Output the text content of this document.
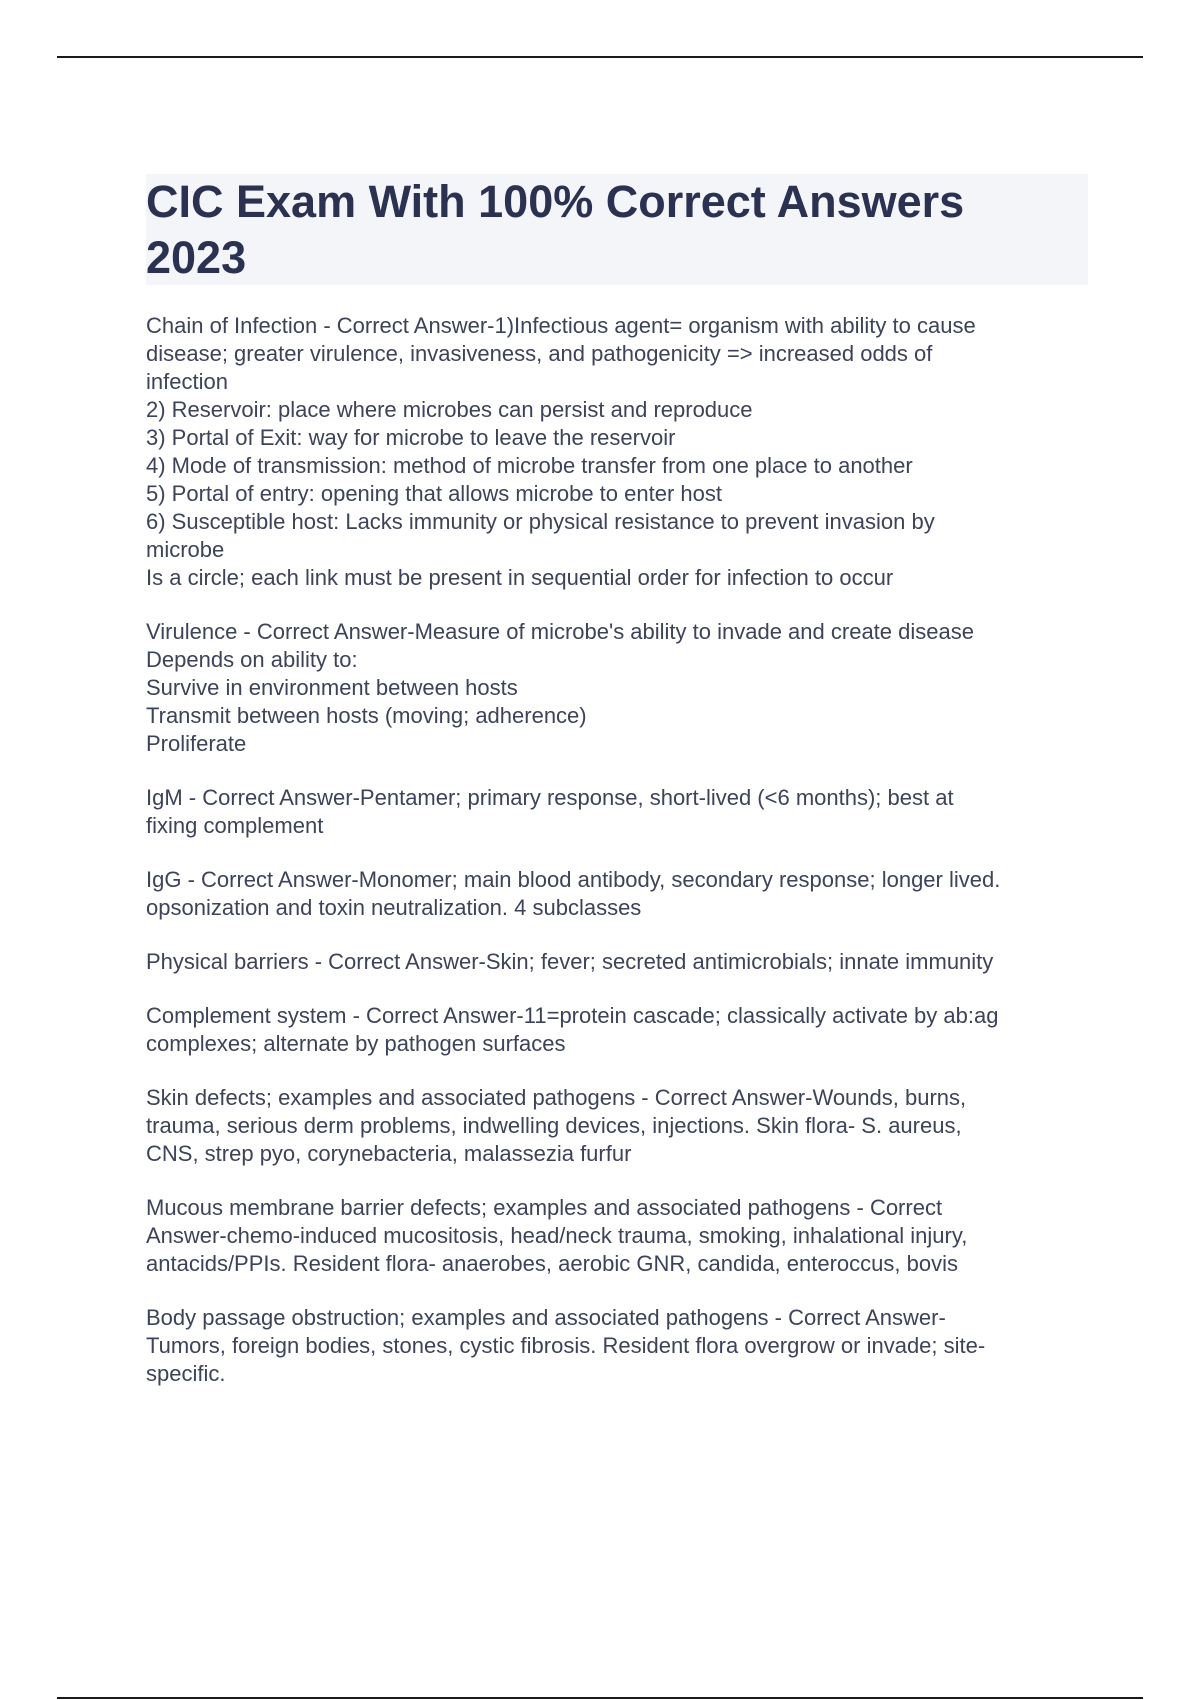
CIC Exam With 100% Correct Answers
2023
Chain of Infection - Correct Answer-1)Infectious agent= organism with ability to cause
disease; greater virulence, invasiveness, and pathogenicity => increased odds of
infection
2) Reservoir: place where microbes can persist and reproduce
3) Portal of Exit: way for microbe to leave the reservoir
4) Mode of transmission: method of microbe transfer from one place to another
5) Portal of entry: opening that allows microbe to enter host
6) Susceptible host: Lacks immunity or physical resistance to prevent invasion by
microbe
Is a circle; each link must be present in sequential order for infection to occur
Virulence - Correct Answer-Measure of microbe's ability to invade and create disease
Depends on ability to:
Survive in environment between hosts
Transmit between hosts (moving; adherence)
Proliferate
IgM - Correct Answer-Pentamer; primary response, short-lived (<6 months); best at
fixing complement
IgG - Correct Answer-Monomer; main blood antibody, secondary response; longer lived.
opsonization and toxin neutralization. 4 subclasses
Physical barriers - Correct Answer-Skin; fever; secreted antimicrobials; innate immunity
Complement system - Correct Answer-11=protein cascade; classically activate by ab:ag
complexes; alternate by pathogen surfaces
Skin defects; examples and associated pathogens - Correct Answer-Wounds, burns,
trauma, serious derm problems, indwelling devices, injections. Skin flora- S. aureus,
CNS, strep pyo, corynebacteria, malassezia furfur
Mucous membrane barrier defects; examples and associated pathogens - Correct
Answer-chemo-induced mucositosis, head/neck trauma, smoking, inhalational injury,
antacids/PPIs. Resident flora- anaerobes, aerobic GNR, candida, enteroccus, bovis
Body passage obstruction; examples and associated pathogens - Correct Answer-
Tumors, foreign bodies, stones, cystic fibrosis. Resident flora overgrow or invade; site-
specific.
